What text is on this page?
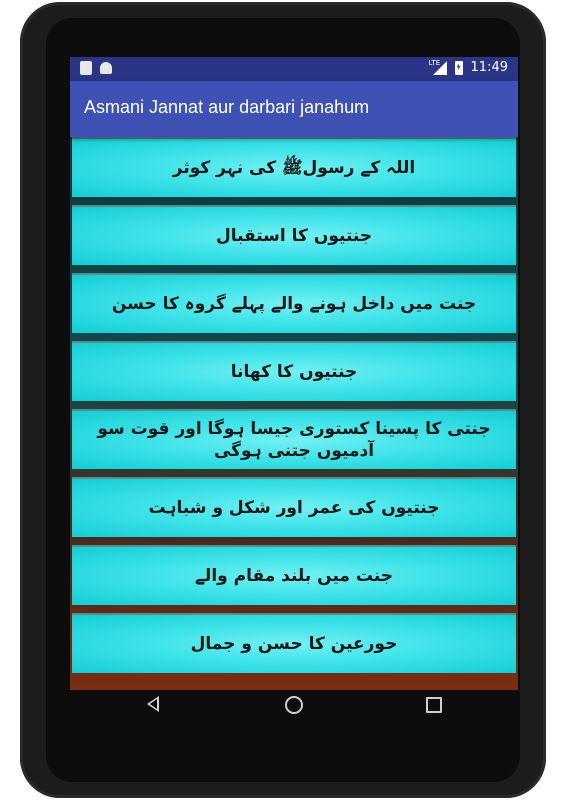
LTE 11:49
Asmani Jannat aur darbari janahum
اللہ کے رسولﷺ کی نہر کوثر
جنتیوں کا استقبال
جنت میں داخل ہونے والے پہلے گروہ کا حسن
جنتیوں کا کھانا
جنتی کا پسینا کستوری جیسا ہوگا اور قوت سو آدمیوں جتنی ہوگی
جنتیوں کی عمر اور شکل و شباہت
جنت میں بلند مقام والے
حورعین کا حسن و جمال
